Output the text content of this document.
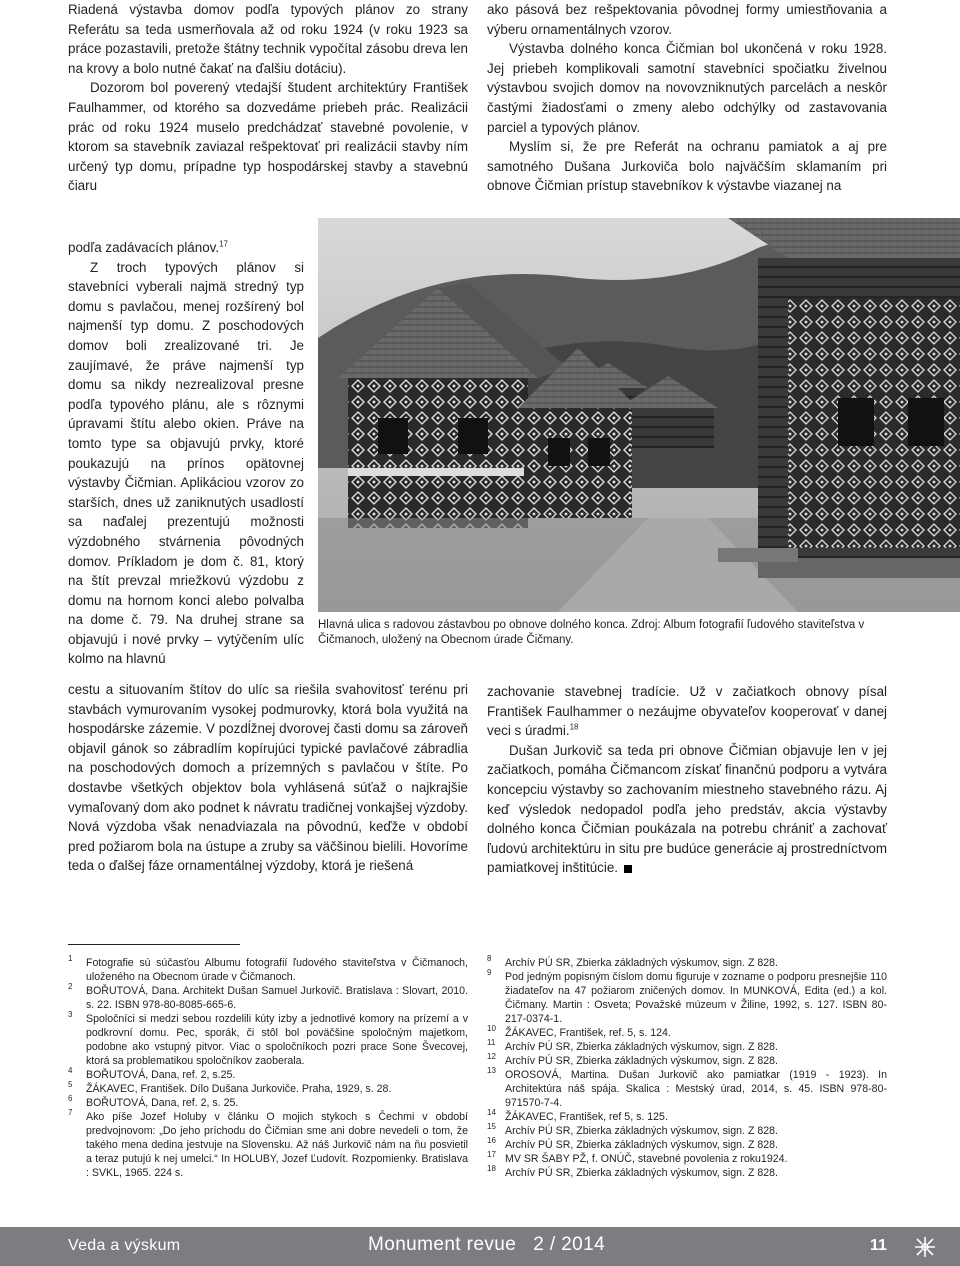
Riadená výstavba domov podľa typových plánov zo strany Referátu sa teda usmerňovala až od roku 1924 (v roku 1923 sa práce pozastavili, pretože štátny technik vypočítal zásobu dreva len na krovy a bolo nutné čakať na ďalšiu dotáciu).

Dozorom bol poverený vtedajší študent architektúry František Faulhammer, od ktorého sa dozvedáme priebeh prác. Realizácii prác od roku 1924 muselo predchádzať stavebné povolenie, v ktorom sa stavebník zaviazal rešpektovať pri realizácii stavby ním určený typ domu, prípadne typ hospodárskej stavby a stavebnú čiaru

podľa zadávacích plánov.$^{17}$

Z troch typových plánov si stavebníci vyberali najmä stredný typ domu s pavlačou, menej rozšírený bol najmenší typ domu. Z poschodových domov boli zrealizované tri. Je zaujímavé, že práve najmenší typ domu sa nikdy nezrealizoval presne podľa typového plánu, ale s rôznymi úpravami štítu alebo okien. Práve na tomto type sa objavujú prvky, ktoré poukazujú na prínos opätovnej výstavby Čičmian. Aplikáciou vzorov zo starších, dnes už zaniknutých usadlostí sa naďalej prezentujú možnosti výzdobného stvárnenia pôvodných domov. Príkladom je dom č. 81, ktorý na štít prevzal mriežkovú výzdobu z domu na hornom konci alebo polvalba na dome č. 79. Na druhej strane sa objavujú i nové prvky – vytýčením ulíc kolmo na hlavnú

cestu a situovaním štítov do ulíc sa riešila svahovitosť terénu pri stavbách vymurovaním vysokej podmurovky, ktorá bola využitá na hospodárske zázemie. V pozdĺžnej dvorovej časti domu sa zároveň objavil gánok so zábradlím kopírujúci typické pavlačové zábradlia na poschodových domoch a prízemných s pavlačou v štíte. Po dostavbe všetkých objektov bola vyhlásená súťaž o najkrajšie vymaľovaný dom ako podnet k návratu tradičnej vonkajšej výzdoby. Nová výzdoba však nenadviazala na pôvodnú, keďže v období pred požiarom bola na ústupe a zruby sa väčšinou bielili. Hovoríme teda o ďalšej fáze ornamentálnej výzdoby, ktorá je riešená

ako pásová bez rešpektovania pôvodnej formy umiestňovania a výberu ornamentálnych vzorov.

Výstavba dolného konca Čičmian bol ukončená v roku 1928. Jej priebeh komplikovali samotní stavebníci spočiatku živelnou výstavbou svojich domov na novovzniknutých parcelách a neskôr častými žiadosťami o zmeny alebo odchýlky od zastavovania parciel a typových plánov.

Myslím si, že pre Referát na ochranu pamiatok a aj pre samotného Dušana Jurkoviča bolo najväčším sklamaním pri obnove Čičmian prístup stavebníkov k výstavbe viazanej na

Hlavná ulica s radovou zástavbou po obnove dolného konca. Zdroj: Album fotografií ľudového staviteľstva v Čičmanoch, uložený na Obecnom úrade Čičmany.

zachovanie stavebnej tradície. Už v začiatkoch obnovy písal František Faulhammer o nezáujme obyvateľov kooperovať v danej veci s úradmi.$^{18}$

Dušan Jurkovič sa teda pri obnove Čičmian objavuje len v jej začiatkoch, pomáha Čičmancom získať finančnú podporu a vytvára koncepciu výstavby so zachovaním miestneho stavebného rázu. Aj keď výsledok nedopadol podľa jeho predstáv, akcia výstavby dolného konca Čičmian poukázala na potrebu chrániť a zachovať ľudovú architektúru in situ pre budúce generácie aj prostredníctvom pamiatkovej inštitúcie.

1 Fotografie sú súčasťou Albumu fotografií ľudového staviteľstva v Čičmanoch, uloženého na Obecnom úrade v Čičmanoch.
2 BOŘUTOVÁ, Dana. Architekt Dušan Samuel Jurkovič. Bratislava : Slovart, 2010. s. 22. ISBN 978-80-8085-665-6.
3 Spoločníci si medzi sebou rozdelili kúty izby a jednotlivé komory na prízemí a v podkrovní domu. Pec, sporák, či stôl bol poväčšine spoločným majetkom, podobne ako vstupný pitvor. Viac o spoločníkoch pozri prace Sone Švecovej, ktorá sa problematikou spoločníkov zaoberala.
4 BOŘUTOVÁ, Dana, ref. 2, s.25.
5 ŽÁKAVEC, František. Dílo Dušana Jurkoviče. Praha, 1929, s. 28.
6 BOŘUTOVÁ, Dana, ref. 2, s. 25.
7 Ako píše Jozef Holuby v článku O mojich stykoch s Čechmi v období predvojnovom: „Do jeho príchodu do Čičmian sme ani dobre nevedeli o tom, že takého mena dedina jestvuje na Slovensku. Až náš Jurkovič nám na ňu posvietil a teraz putujú k nej umelci.“ In HOLUBY, Jozef Ľudovít. Rozpomienky. Bratislava : SVKL, 1965. 224 s.
8 Archív PÚ SR, Zbierka základných výskumov, sign. Z 828.
9 Pod jedným popisným číslom domu figuruje v zozname o podporu presnejšie 110 žiadateľov na 47 požiarom zničených domov. In MUNKOVÁ, Edita (ed.) a kol. Čičmany. Martin : Osveta; Považské múzeum v Žiline, 1992, s. 127. ISBN 80-217-0374-1.
10 ŽÁKAVEC, František, ref. 5, s. 124.
11 Archív PÚ SR, Zbierka základných výskumov, sign. Z 828.
12 Archív PÚ SR, Zbierka základných výskumov, sign. Z 828.
13 OROSOVÁ, Martina. Dušan Jurkovič ako pamiatkar (1919 - 1923). In Architektúra náš spája. Skalica : Mestský úrad, 2014, s. 45. ISBN 978-80-971570-7-4.
14 ŽÁKAVEC, František, ref 5, s. 125.
15 Archív PÚ SR, Zbierka základných výskumov, sign. Z 828.
16 Archív PÚ SR, Zbierka základných výskumov, sign. Z 828.
17 MV SR ŠABY PŽ, f. ONÚČ, stavebné povolenia z roku1924.
18 Archív PÚ SR, Zbierka základných výskumov, sign. Z 828.
Veda a výskum	Monument revue   2 / 2014	11
